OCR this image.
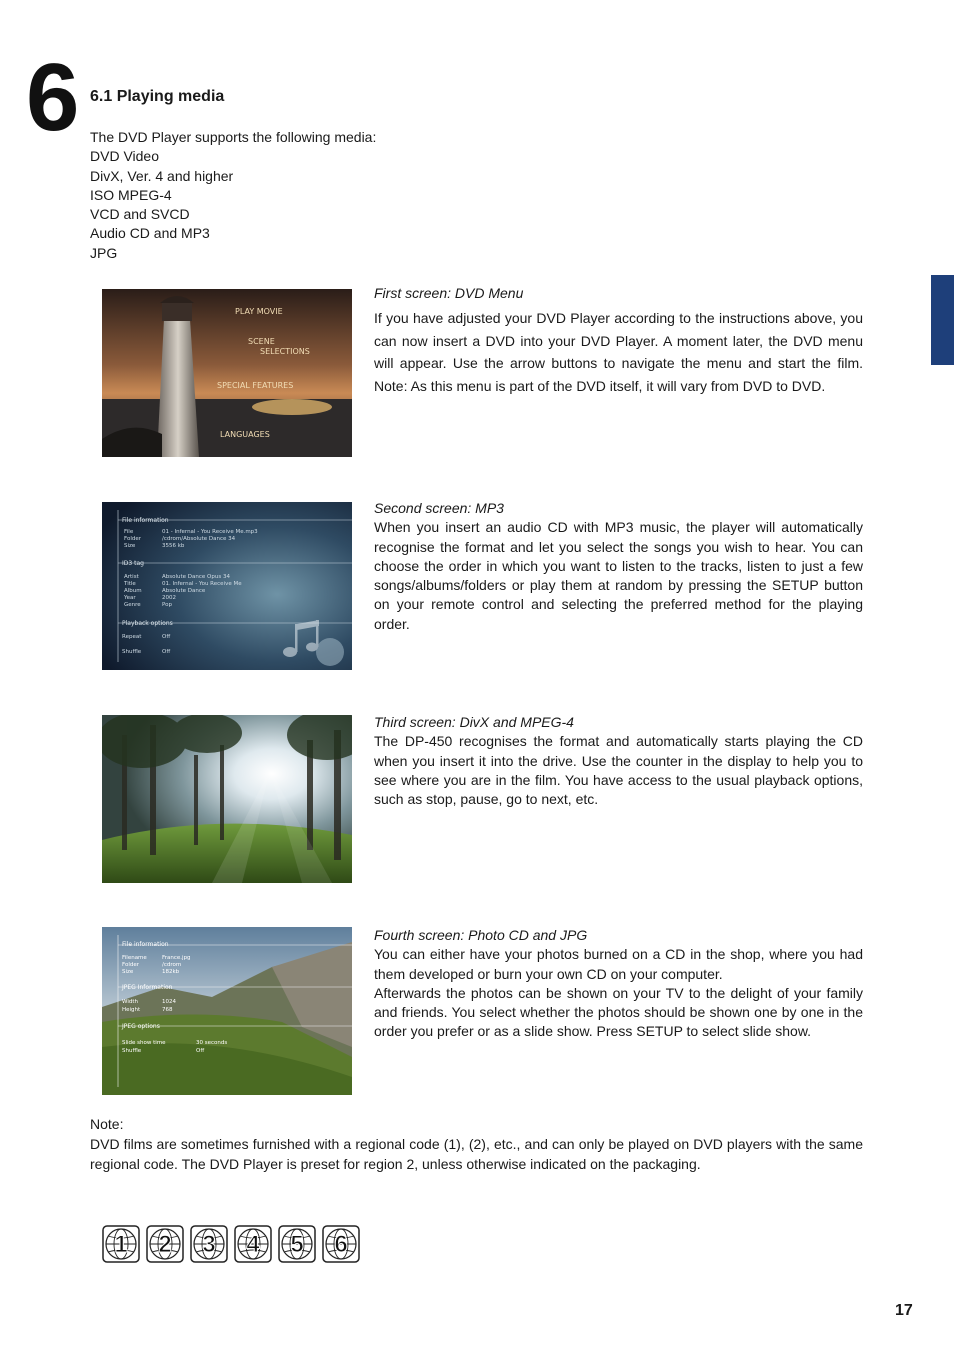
6 6.1 Playing media
The DVD Player supports the following media:
DVD Video
DivX, Ver. 4 and higher
ISO MPEG-4
VCD and SVCD
Audio CD and MP3
JPG
PLAY MOVIE
SCENE
SELECTIONS
SPECIAL FEATURES
LANGUAGES
First screen: DVD Menu
If you have adjusted your DVD Player according to the instructions above, you can now insert a DVD into your DVD Player. A moment later, the DVD menu will appear. Use the arrow buttons to navigate the menu and start the film. Note: As this menu is part of the DVD itself, it will vary from DVD to DVD.
File information
File	01 - Infernal - You Receive Me.mp3
Folder	/cdrom/Absolute Dance 34
Size	3556 kb
ID3 tag
Artist	Absolute Dance Opus 34
Title	01. Infernal - You Receive Me
Album	Absolute Dance
Year	2002
Genre	Pop
Playback options
Repeat	Off
Shuffle	Off
Second screen: MP3
When you insert an audio CD with MP3 music, the player will automatically recognise the format and let you select the songs you wish to hear. You can choose the order in which you want to listen to the tracks, listen to just a few songs/albums/folders or play them at random by pressing the SETUP button on your remote control and selecting the preferred method for the playing order.
Third screen: DivX and MPEG-4
The DP-450 recognises the format and automatically starts playing the CD when you insert it into the drive. Use the counter in the display to help you to see where you are in the film. You have access to the usual playback options, such as stop, pause, go to next, etc.
File information
Filename	France.jpg
Folder	/cdrom
Size	182kb
JPEG Information
Width	1024
Height	768
JPEG options
Slide show time	30 seconds
Shuffle	Off
Fourth screen: Photo CD and JPG
You can either have your photos burned on a CD in the shop, where you had them developed or burn your own CD on your computer.
Afterwards the photos can be shown on your TV to the delight of your family and friends. You select whether the photos should be shown one by one in the order you prefer or as a slide show. Press SETUP to select slide show.
Note:
DVD films are sometimes furnished with a regional code (1), (2), etc., and can only be played on DVD players with the same regional code. The DVD Player is preset for region 2, unless otherwise indicated on the packaging.
1 2 3 4 5 6
17
